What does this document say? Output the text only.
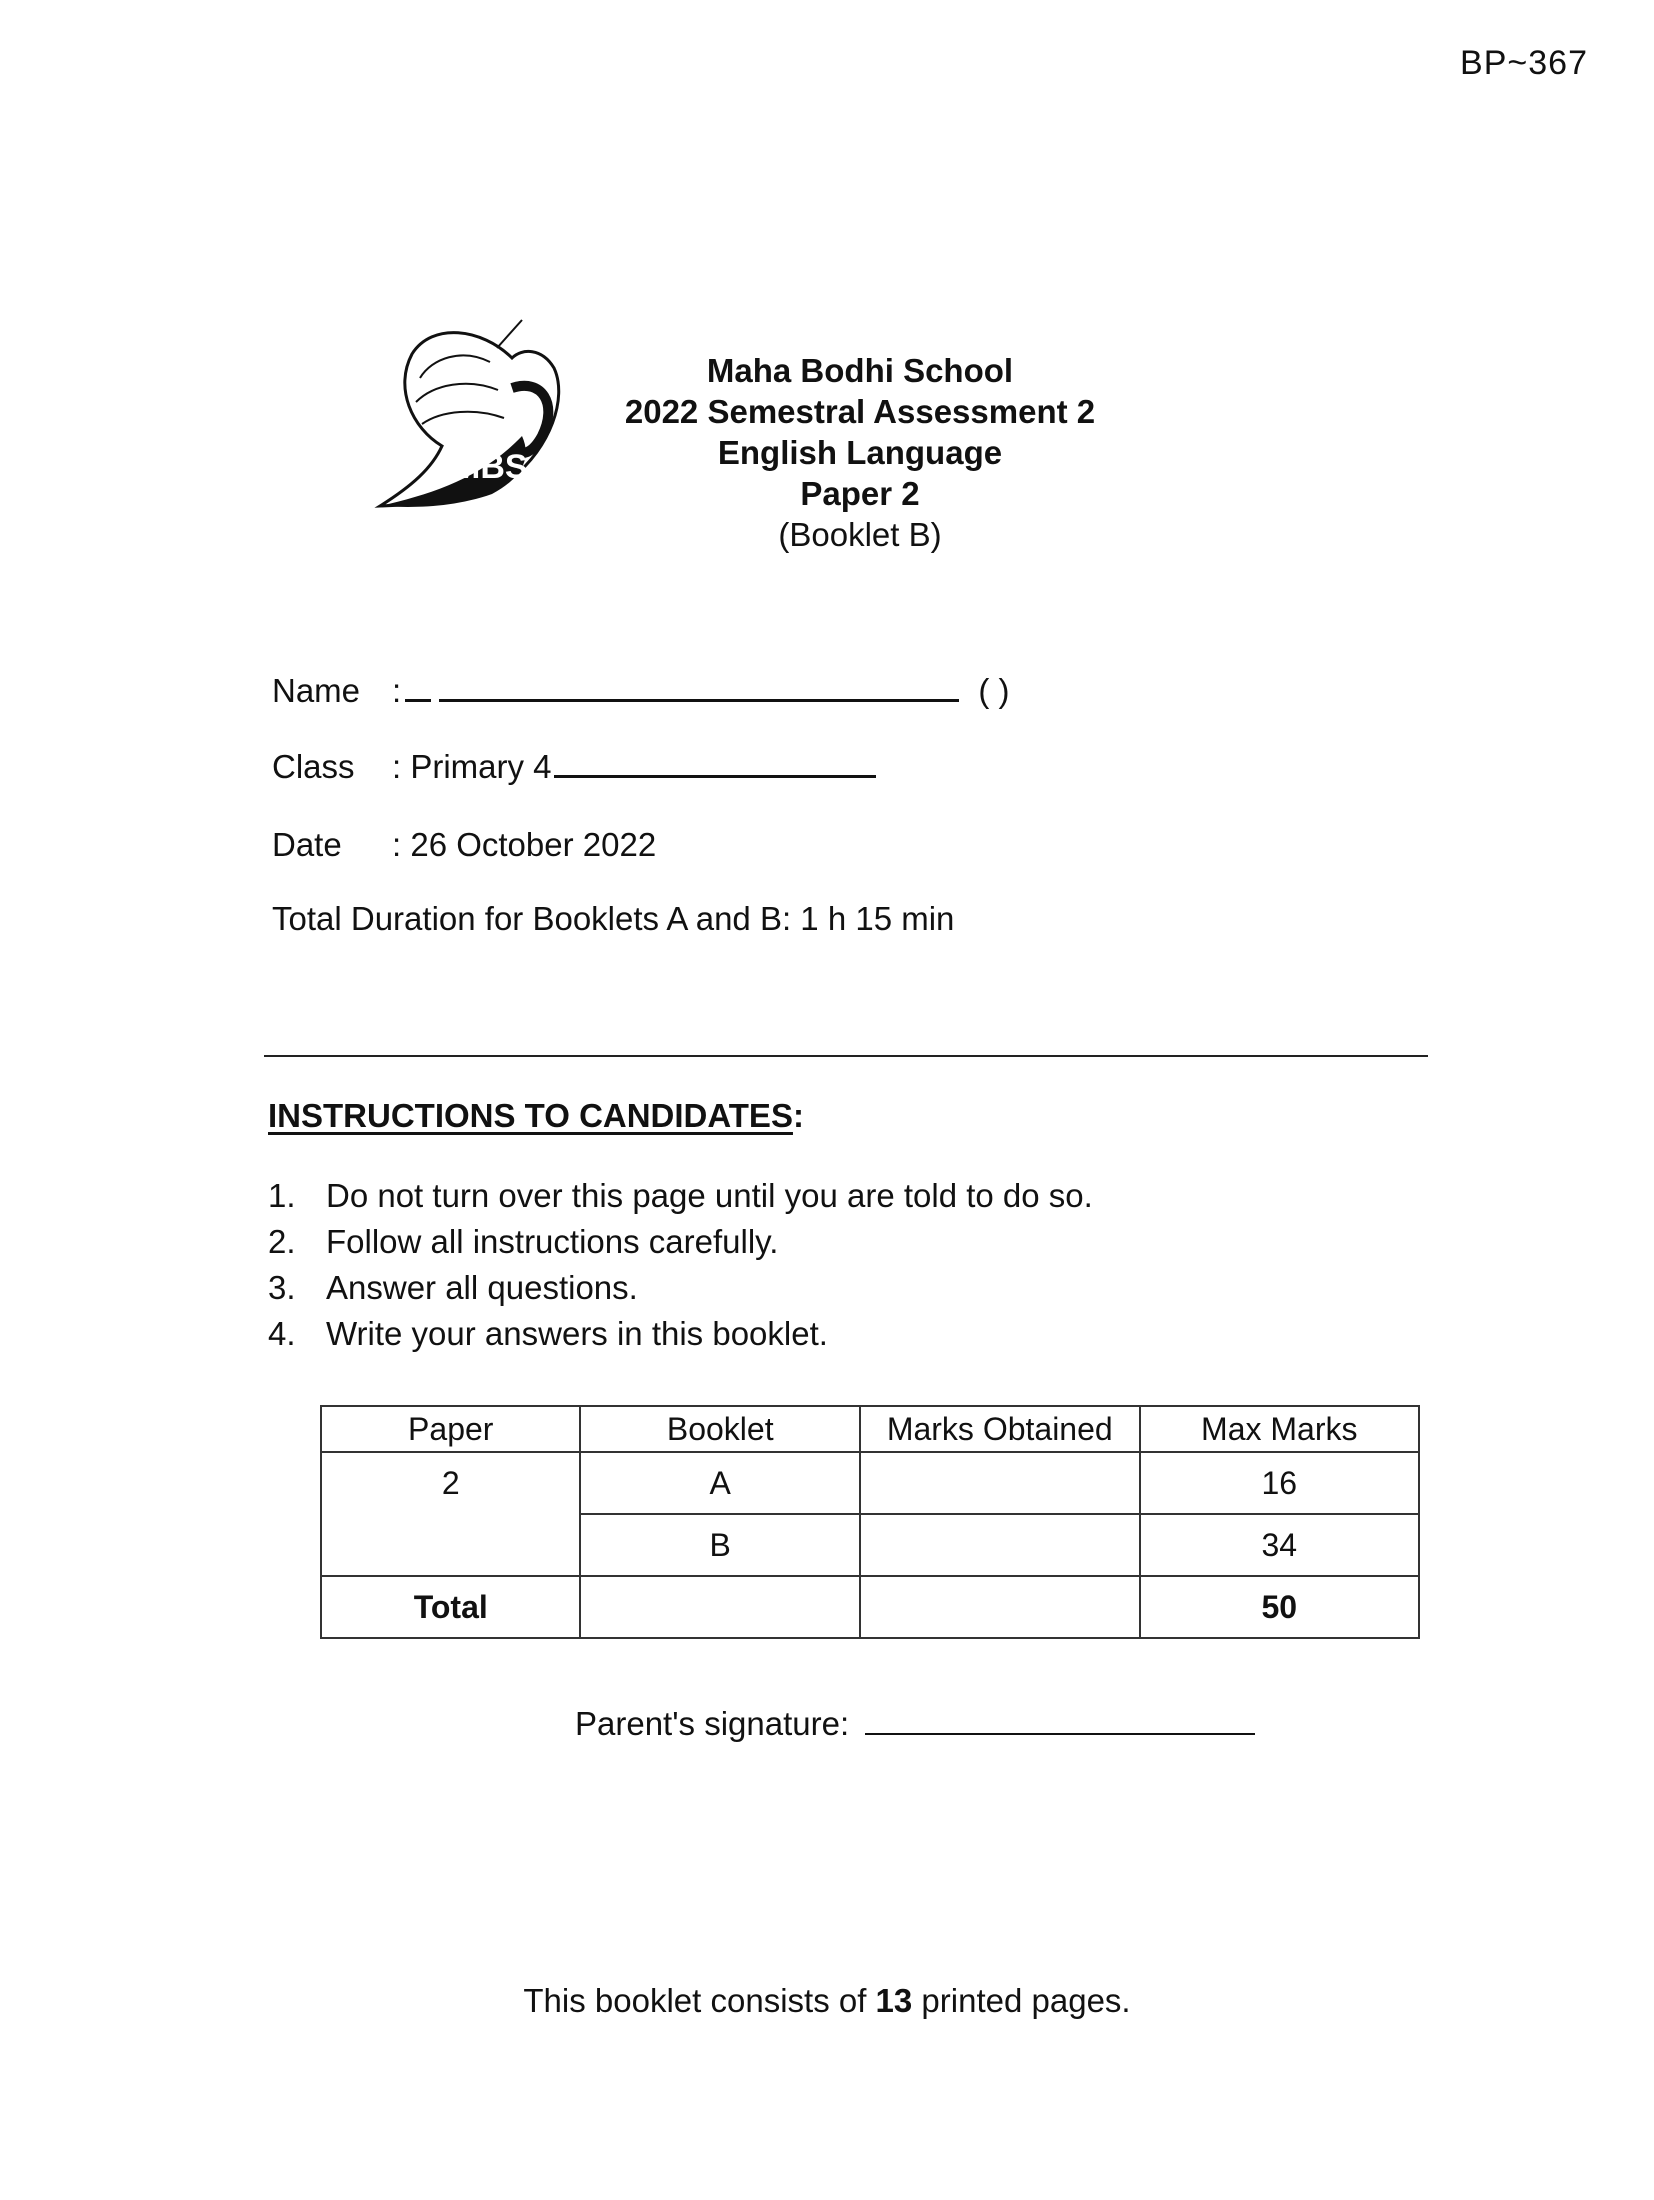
BP~367
MBS
Maha Bodhi School
2022 Semestral Assessment 2
English Language
Paper 2
(Booklet B)
Name :	( )
Class : Primary 4
Date : 26 October 2022
Total Duration for Booklets A and B: 1 h 15 min
INSTRUCTIONS TO CANDIDATES:
1. Do not turn over this page until you are told to do so.
2. Follow all instructions carefully.
3. Answer all questions.
4. Write your answers in this booklet.
Paper	Booklet	Marks Obtained	Max Marks
2	A		16
	B		34
Total			50
Parent's signature:
This booklet consists of 13 printed pages.
